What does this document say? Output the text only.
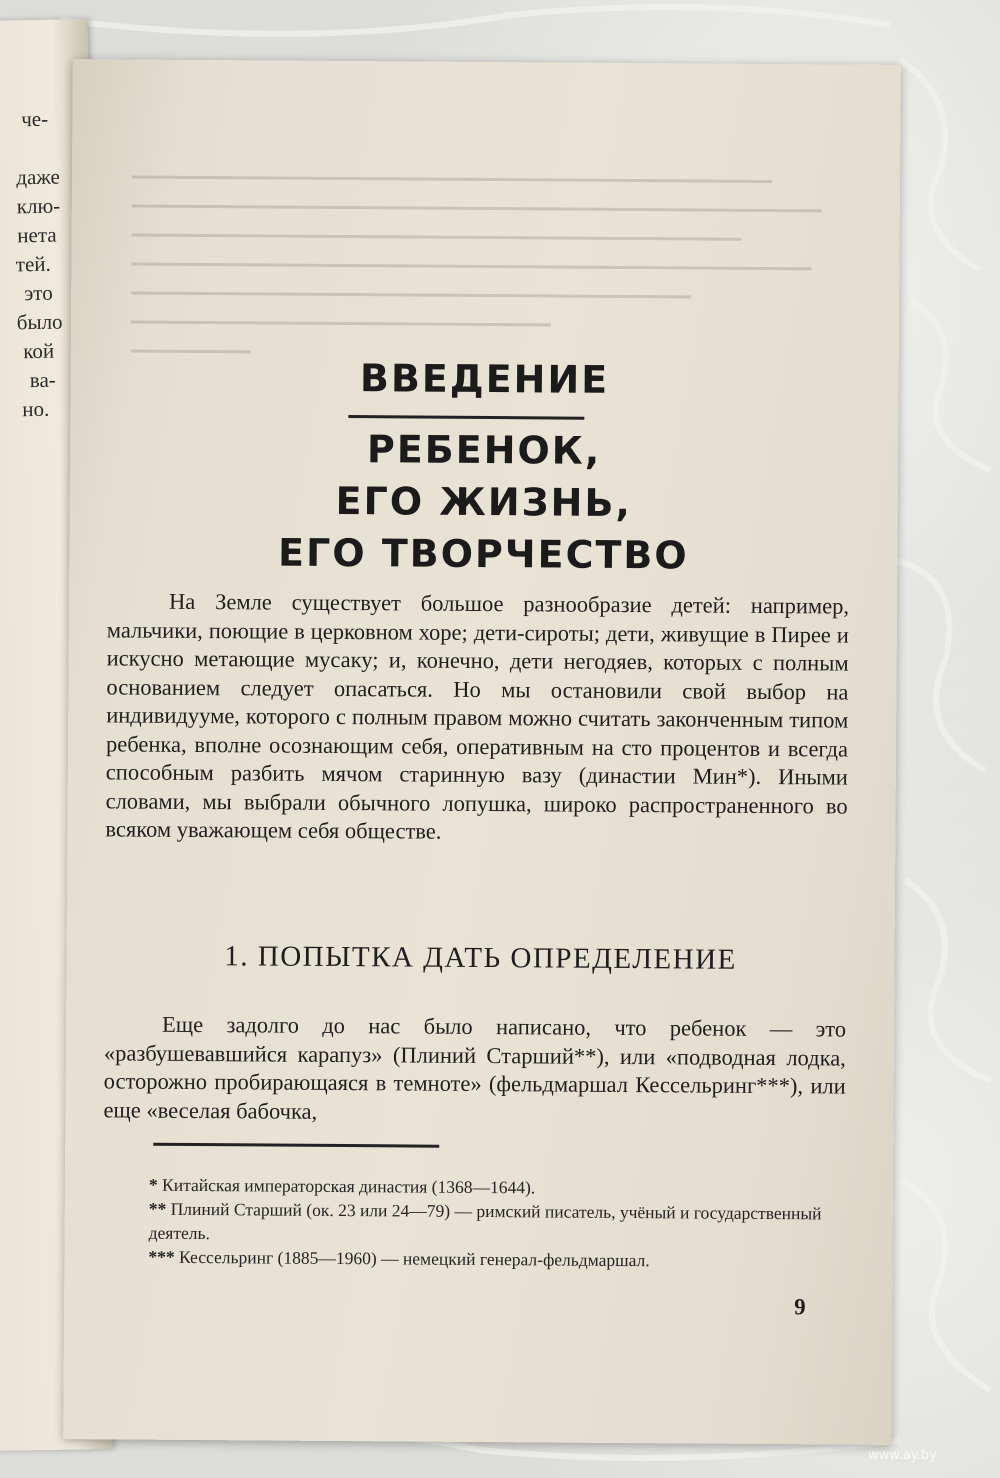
че-
даже
клю-
нета
тей.
это
было
кой
ва-
но.
ВВЕДЕНИЕ
РЕБЕНОК,
ЕГО ЖИЗНЬ,
ЕГО ТВОРЧЕСТВО

На Земле существует большое разнообразие детей: например, мальчики, поющие в церковном хоре; дети-сироты; дети, живущие в Пирее и искусно метающие мусаку; и, конечно, дети негодяев, которых с полным основанием следует опасаться. Но мы остановили свой выбор на индивидууме, которого с полным правом можно считать законченным типом ребенка, вполне осознающим себя, оперативным на сто процентов и всегда способным разбить мячом старинную вазу (династии Мин*). Иными словами, мы выбрали обычного лопушка, широко распространенного во всяком уважающем себя обществе.

1. ПОПЫТКА ДАТЬ ОПРЕДЕЛЕНИЕ

Еще задолго до нас было написано, что ребенок — это «разбушевавшийся карапуз» (Плиний Старший**), или «подводная лодка, осторожно пробирающаяся в темноте» (фельдмаршал Кессельринг***), или еще «веселая бабочка,

* Китайская императорская династия (1368—1644).

** Плиний Старший (ок. 23 или 24—79) — римский писатель, учёный и государственный деятель.

*** Кессельринг (1885—1960) — немецкий генерал-фельдмаршал.

9
www.ay.by
